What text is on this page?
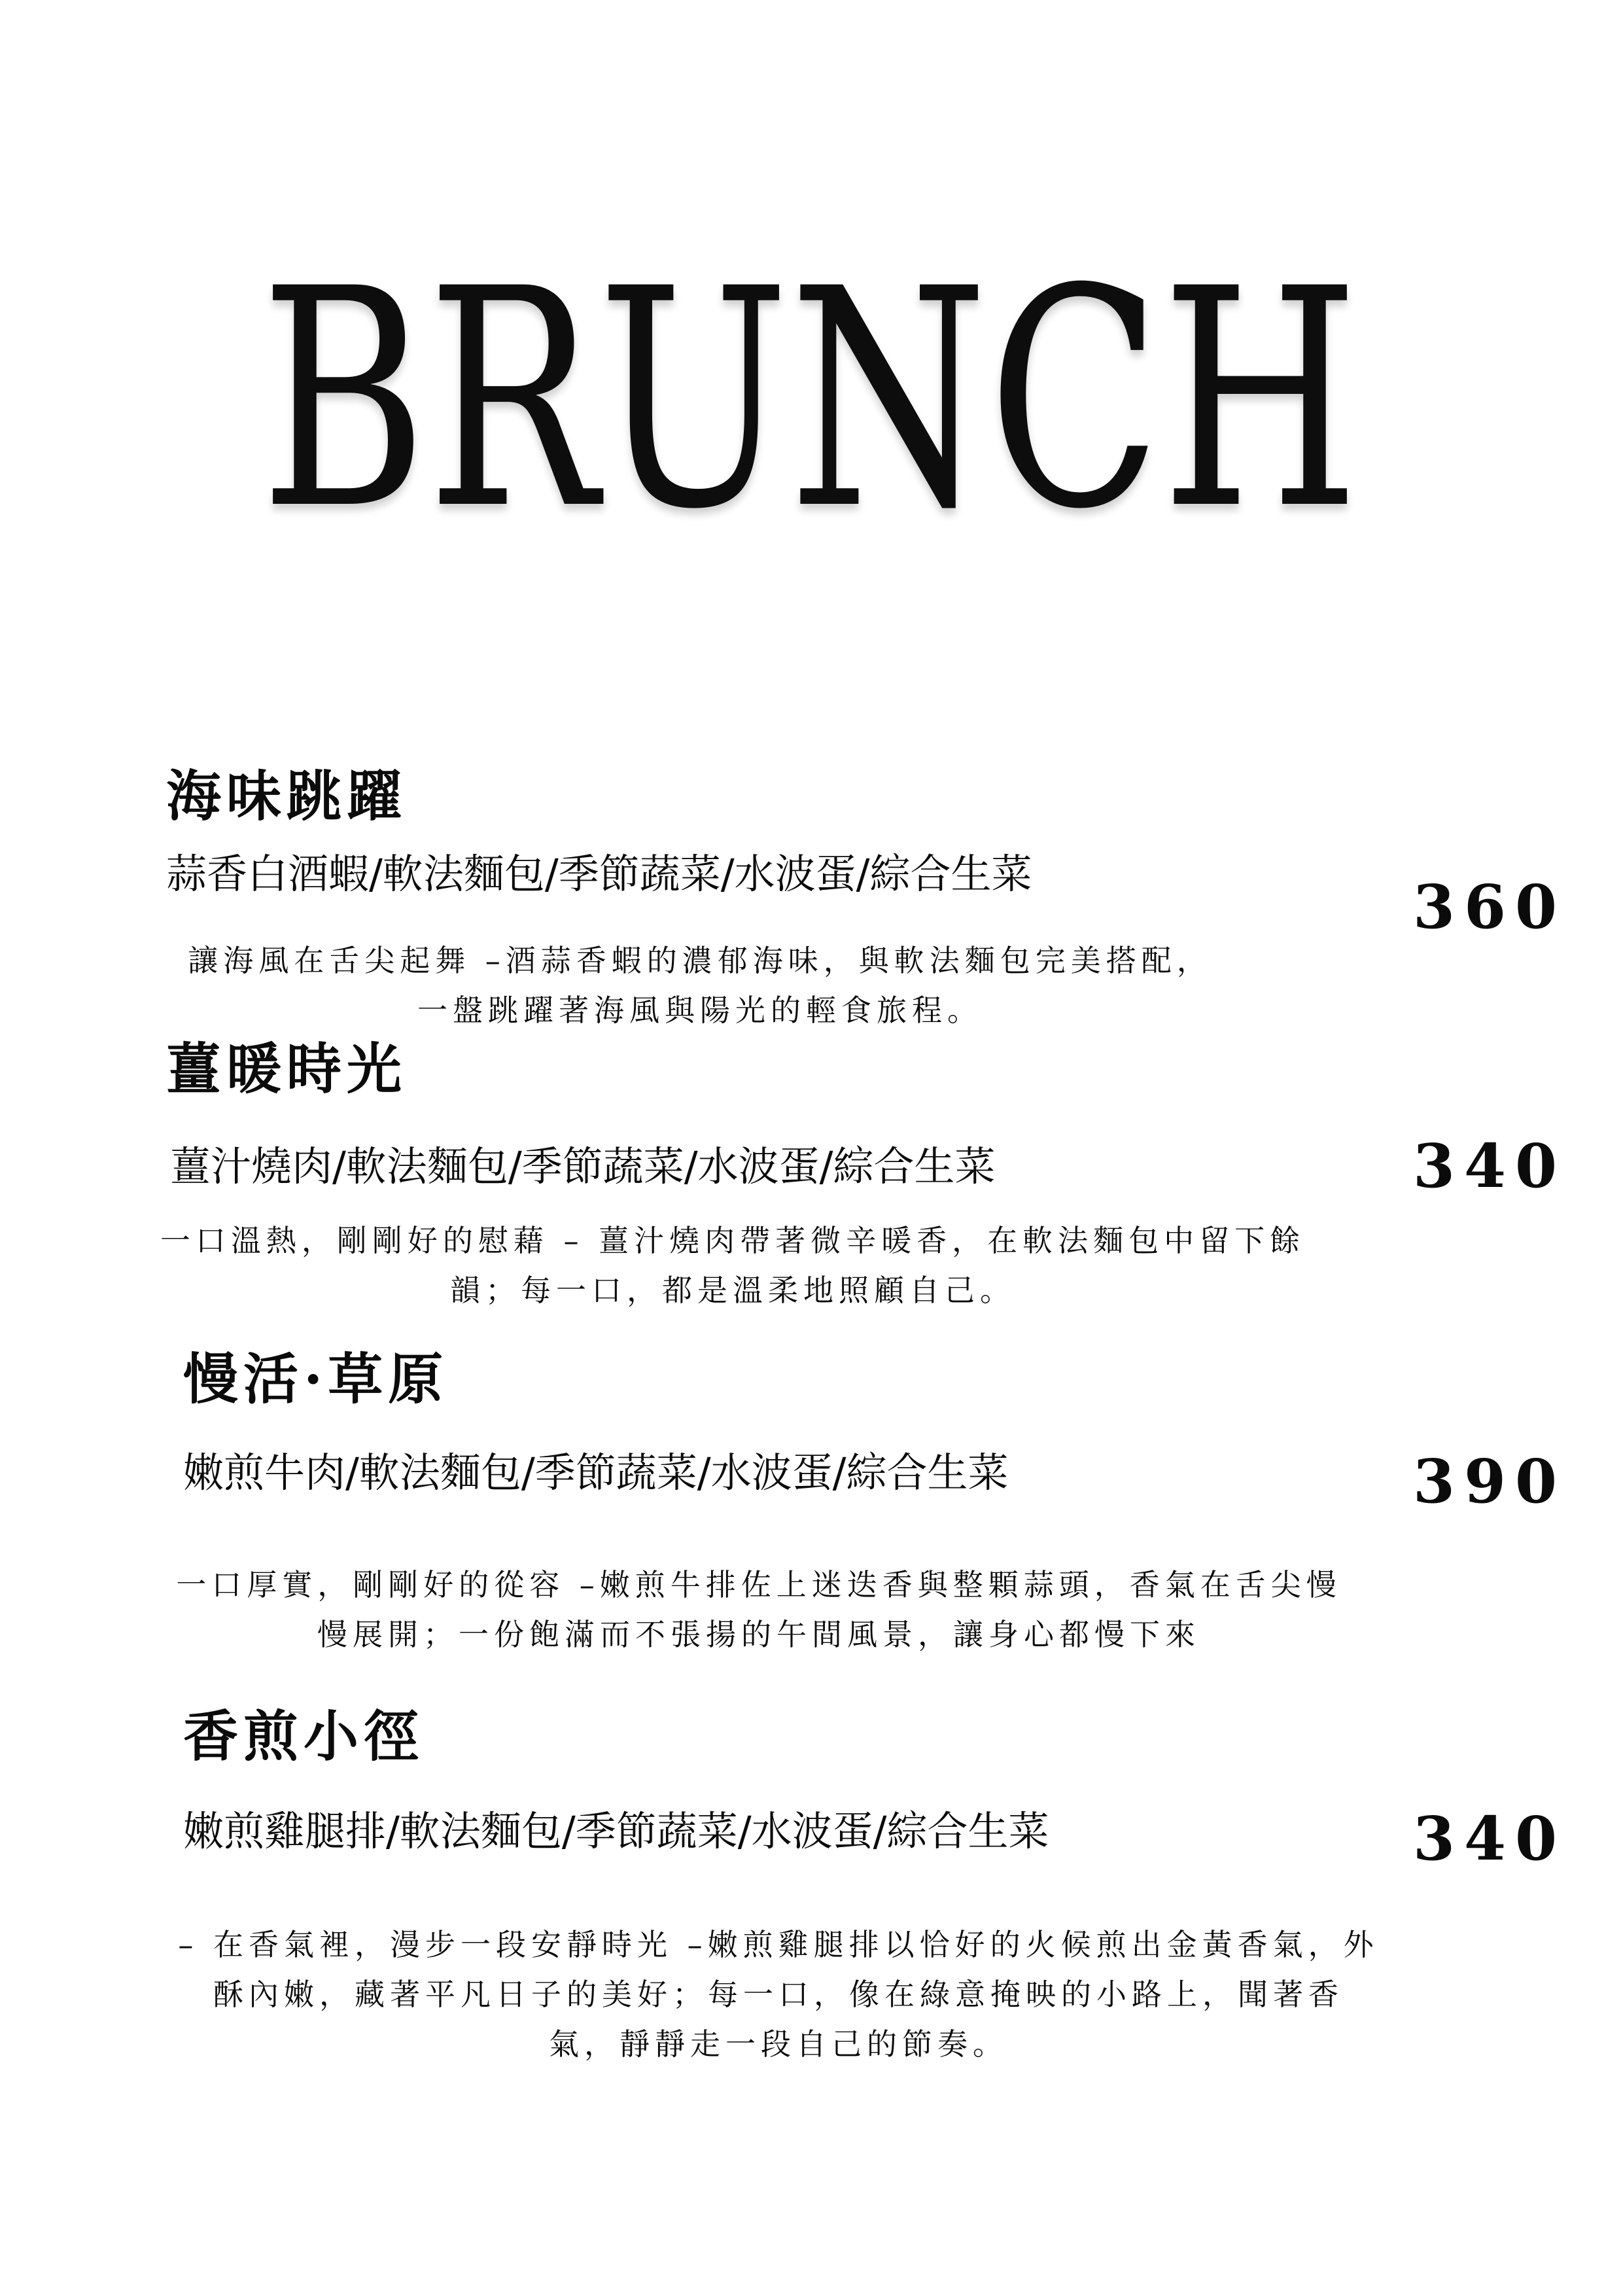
BRUNCH
海味跳躍
蒜香白酒蝦/軟法麵包/季節蔬菜/水波蛋/綜合生菜	360
讓海風在舌尖起舞 –酒蒜香蝦的濃郁海味，與軟法麵包完美搭配，
一盤跳躍著海風與陽光的輕食旅程。
薑暖時光
薑汁燒肉/軟法麵包/季節蔬菜/水波蛋/綜合生菜	340
一口溫熱，剛剛好的慰藉 – 薑汁燒肉帶著微辛暖香，在軟法麵包中留下餘
韻；每一口，都是溫柔地照顧自己。
慢活·草原
嫩煎牛肉/軟法麵包/季節蔬菜/水波蛋/綜合生菜	390
一口厚實，剛剛好的從容 –嫩煎牛排佐上迷迭香與整顆蒜頭，香氣在舌尖慢
慢展開；一份飽滿而不張揚的午間風景，讓身心都慢下來
香煎小徑
嫩煎雞腿排/軟法麵包/季節蔬菜/水波蛋/綜合生菜	340
– 在香氣裡，漫步一段安靜時光 –嫩煎雞腿排以恰好的火候煎出金黃香氣，外
酥內嫩，藏著平凡日子的美好；每一口，像在綠意掩映的小路上，聞著香
氣，靜靜走一段自己的節奏。
